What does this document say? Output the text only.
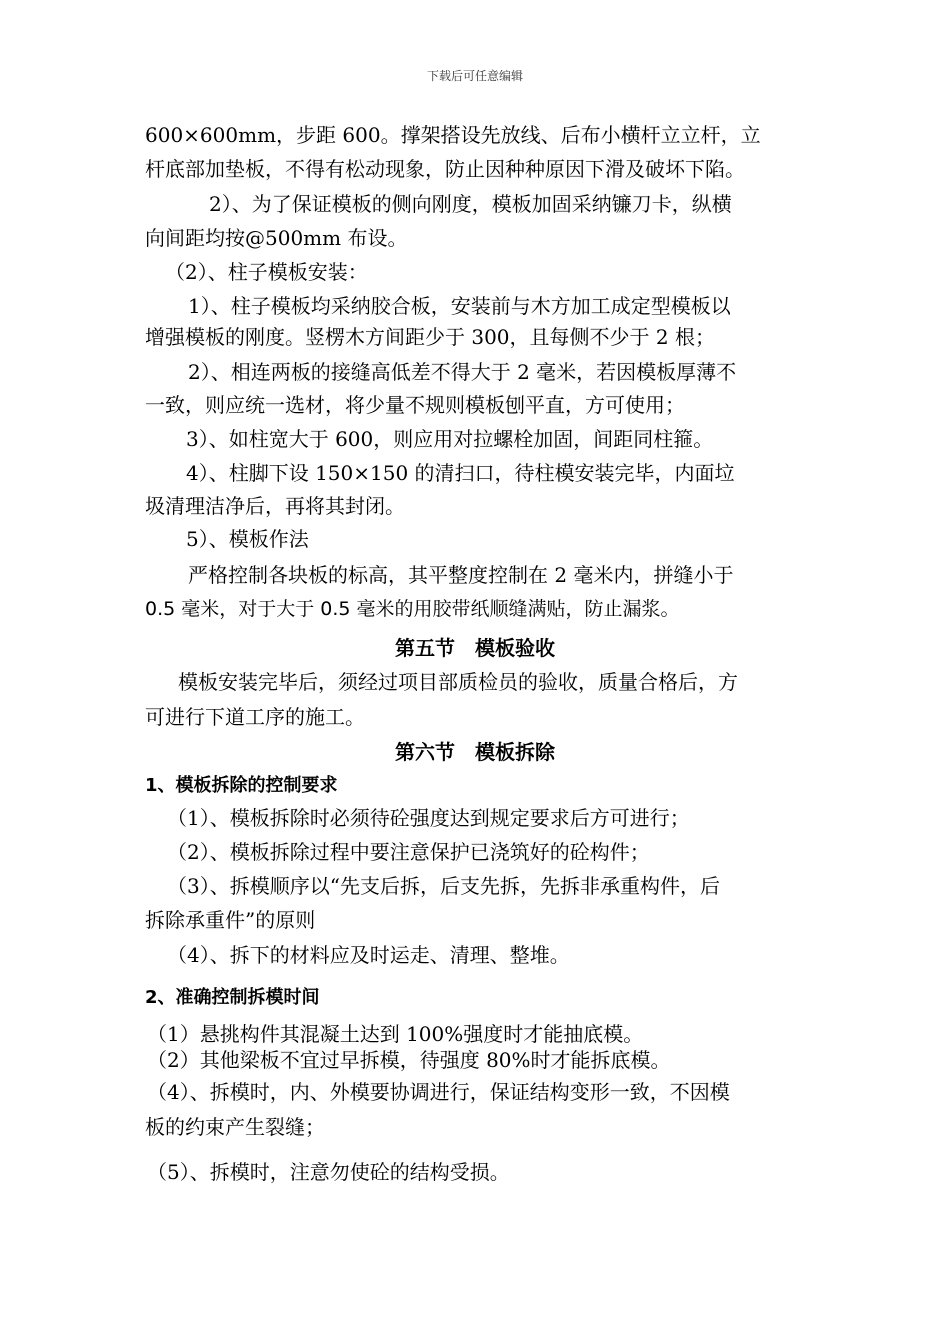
下载后可任意编辑
600×600mm，步距 600。撑架搭设先放线、后布小横杆立立杆，立
杆底部加垫板，不得有松动现象，防止因种种原因下滑及破坏下陷。
2）、为了保证模板的侧向刚度，模板加固采纳镰刀卡，纵横
向间距均按@500mm 布设。
（2）、柱子模板安装：
1）、柱子模板均采纳胶合板，安装前与木方加工成定型模板以
增强模板的刚度。竖楞木方间距少于 300，且每侧不少于 2 根；
2）、相连两板的接缝高低差不得大于 2 毫米，若因模板厚薄不
一致，则应统一选材，将少量不规则模板刨平直，方可使用；
3）、如柱宽大于 600，则应用对拉螺栓加固，间距同柱箍。
4）、柱脚下设 150×150 的清扫口，待柱模安装完毕，内面垃
圾清理洁净后，再将其封闭。
5）、模板作法
严格控制各块板的标高，其平整度控制在 2 毫米内，拼缝小于
0.5 毫米，对于大于 0.5 毫米的用胶带纸顺缝满贴，防止漏浆。
第五节　模板验收
模板安装完毕后，须经过项目部质检员的验收，质量合格后，方
可进行下道工序的施工。
第六节　模板拆除
1、模板拆除的控制要求
（1）、模板拆除时必须待砼强度达到规定要求后方可进行；
（2）、模板拆除过程中要注意保护已浇筑好的砼构件；
（3）、拆模顺序以“先支后拆，后支先拆，先拆非承重构件，后
拆除承重件”的原则
（4）、拆下的材料应及时运走、清理、整堆。
2、准确控制拆模时间
（1）悬挑构件其混凝土达到 100%强度时才能抽底模。
（2）其他梁板不宜过早拆模，待强度 80%时才能拆底模。
（4）、拆模时，内、外模要协调进行，保证结构变形一致，不因模
板的约束产生裂缝；
（5）、拆模时，注意勿使砼的结构受损。
